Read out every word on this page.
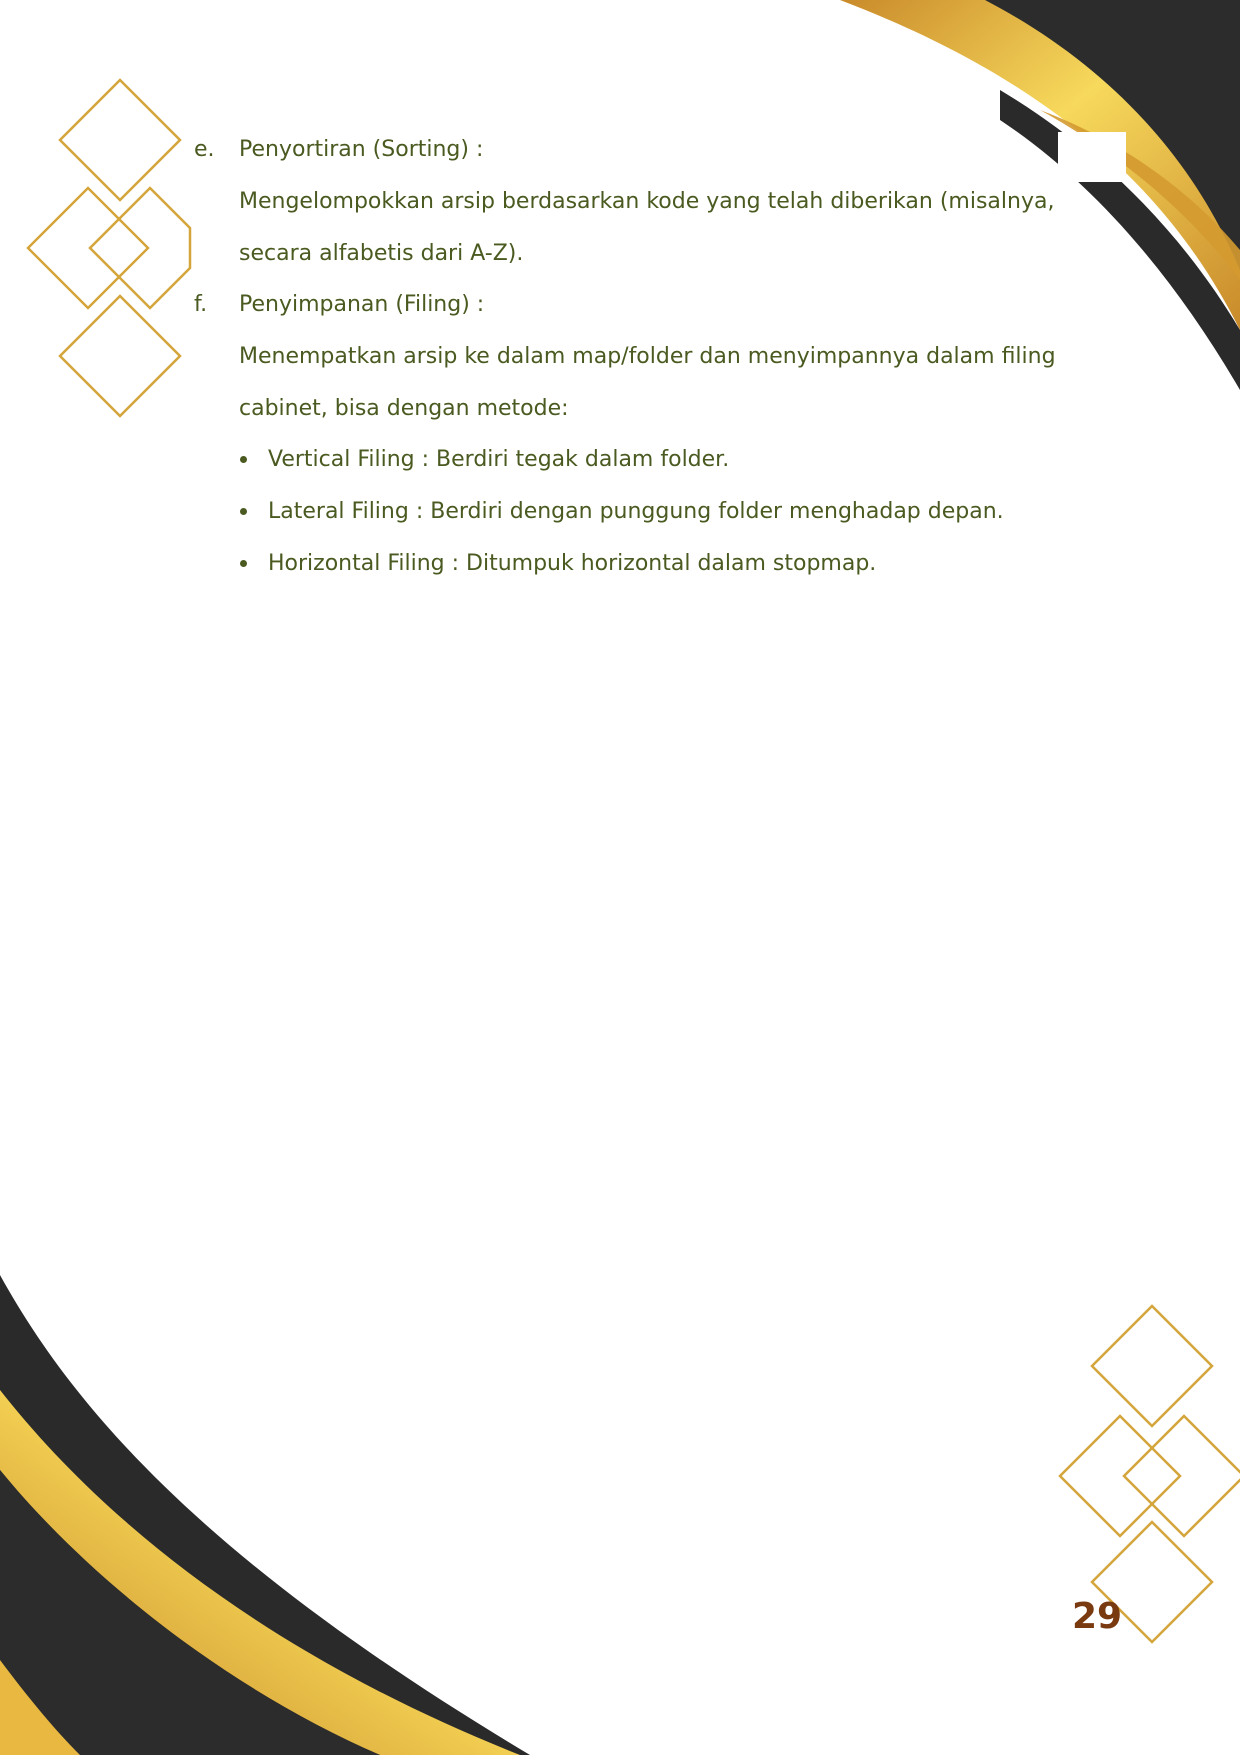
e. Penyortiran (Sorting) :
Mengelompokkan arsip berdasarkan kode yang telah diberikan (misalnya,
secara alfabetis dari A-Z).
f. Penyimpanan (Filing) :
Menempatkan arsip ke dalam map/folder dan menyimpannya dalam filing
cabinet, bisa dengan metode:
Vertical Filing : Berdiri tegak dalam folder.
Lateral Filing : Berdiri dengan punggung folder menghadap depan.
Horizontal Filing : Ditumpuk horizontal dalam stopmap.
29
